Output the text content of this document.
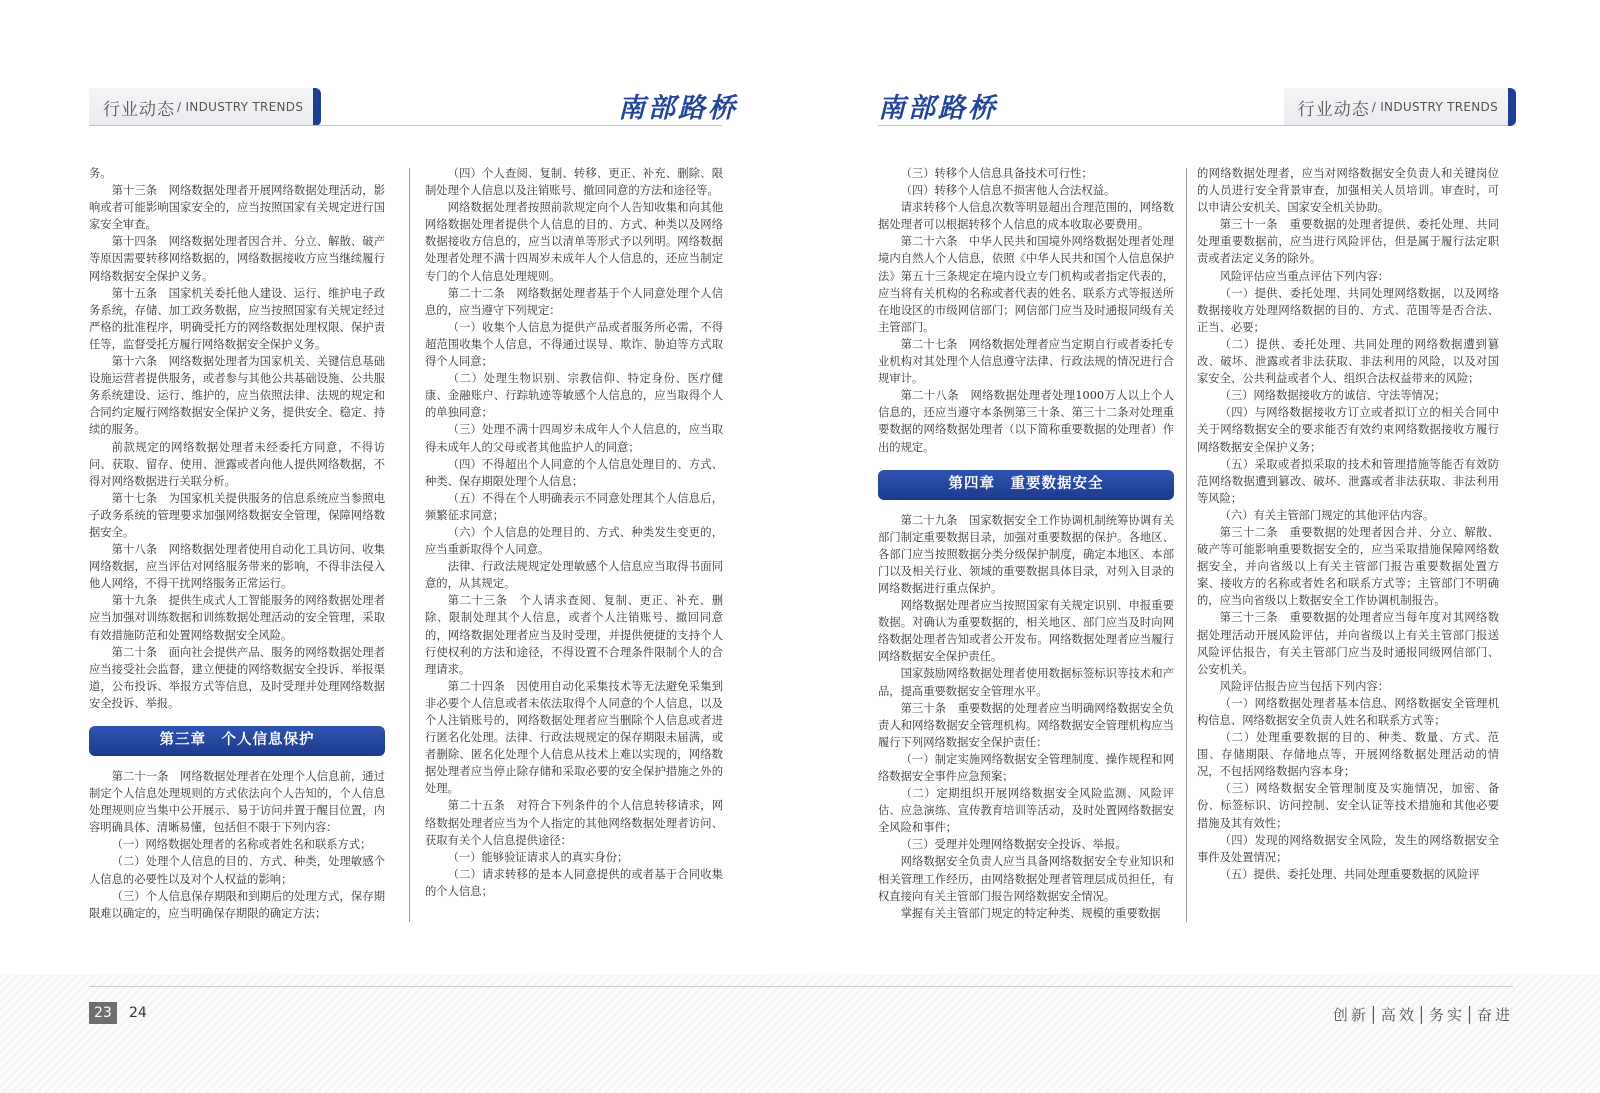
行业动态 / INDUSTRY TRENDS	南部路桥

务。

第十三条　网络数据处理者开展网络数据处理活动，影响或者可能影响国家安全的，应当按照国家有关规定进行国家安全审查。

第十四条　网络数据处理者因合并、分立、解散、破产等原因需要转移网络数据的，网络数据接收方应当继续履行网络数据安全保护义务。

第十五条　国家机关委托他人建设、运行、维护电子政务系统，存储、加工政务数据，应当按照国家有关规定经过严格的批准程序，明确受托方的网络数据处理权限、保护责任等，监督受托方履行网络数据安全保护义务。

第十六条　网络数据处理者为国家机关、关键信息基础设施运营者提供服务，或者参与其他公共基础设施、公共服务系统建设、运行、维护的，应当依照法律、法规的规定和合同约定履行网络数据安全保护义务，提供安全、稳定、持续的服务。

前款规定的网络数据处理者未经委托方同意，不得访问、获取、留存、使用、泄露或者向他人提供网络数据，不得对网络数据进行关联分析。

第十七条　为国家机关提供服务的信息系统应当参照电子政务系统的管理要求加强网络数据安全管理，保障网络数据安全。

第十八条　网络数据处理者使用自动化工具访问、收集网络数据，应当评估对网络服务带来的影响，不得非法侵入他人网络，不得干扰网络服务正常运行。

第十九条　提供生成式人工智能服务的网络数据处理者应当加强对训练数据和训练数据处理活动的安全管理，采取有效措施防范和处置网络数据安全风险。

第二十条　面向社会提供产品、服务的网络数据处理者应当接受社会监督，建立便捷的网络数据安全投诉、举报渠道，公布投诉、举报方式等信息，及时受理并处理网络数据安全投诉、举报。

第三章　个人信息保护

第二十一条　网络数据处理者在处理个人信息前，通过制定个人信息处理规则的方式依法向个人告知的，个人信息处理规则应当集中公开展示、易于访问并置于醒目位置，内容明确具体、清晰易懂，包括但不限于下列内容：

（一）网络数据处理者的名称或者姓名和联系方式；

（二）处理个人信息的目的、方式、种类，处理敏感个人信息的必要性以及对个人权益的影响；

（三）个人信息保存期限和到期后的处理方式，保存期限难以确定的，应当明确保存期限的确定方法；

（四）个人查阅、复制、转移、更正、补充、删除、限制处理个人信息以及注销账号、撤回同意的方法和途径等。

网络数据处理者按照前款规定向个人告知收集和向其他网络数据处理者提供个人信息的目的、方式、种类以及网络数据接收方信息的，应当以清单等形式予以列明。网络数据处理者处理不满十四周岁未成年人个人信息的，还应当制定专门的个人信息处理规则。

第二十二条　网络数据处理者基于个人同意处理个人信息的，应当遵守下列规定：

（一）收集个人信息为提供产品或者服务所必需，不得超范围收集个人信息，不得通过误导、欺诈、胁迫等方式取得个人同意；

（二）处理生物识别、宗教信仰、特定身份、医疗健康、金融账户、行踪轨迹等敏感个人信息的，应当取得个人的单独同意；

（三）处理不满十四周岁未成年人个人信息的，应当取得未成年人的父母或者其他监护人的同意；

（四）不得超出个人同意的个人信息处理目的、方式、种类、保存期限处理个人信息；

（五）不得在个人明确表示不同意处理其个人信息后，频繁征求同意；

（六）个人信息的处理目的、方式、种类发生变更的，应当重新取得个人同意。

法律、行政法规规定处理敏感个人信息应当取得书面同意的，从其规定。

第二十三条　个人请求查阅、复制、更正、补充、删除、限制处理其个人信息，或者个人注销账号、撤回同意的，网络数据处理者应当及时受理，并提供便捷的支持个人行使权利的方法和途径，不得设置不合理条件限制个人的合理请求。

第二十四条　因使用自动化采集技术等无法避免采集到非必要个人信息或者未依法取得个人同意的个人信息，以及个人注销账号的，网络数据处理者应当删除个人信息或者进行匿名化处理。法律、行政法规规定的保存期限未届满，或者删除、匿名化处理个人信息从技术上难以实现的，网络数据处理者应当停止除存储和采取必要的安全保护措施之外的处理。

第二十五条　对符合下列条件的个人信息转移请求，网络数据处理者应当为个人指定的其他网络数据处理者访问、获取有关个人信息提供途径：

（一）能够验证请求人的真实身份；

（二）请求转移的是本人同意提供的或者基于合同收集的个人信息；

南部路桥	行业动态 / INDUSTRY TRENDS

（三）转移个人信息具备技术可行性；

（四）转移个人信息不损害他人合法权益。

请求转移个人信息次数等明显超出合理范围的，网络数据处理者可以根据转移个人信息的成本收取必要费用。

第二十六条　中华人民共和国境外网络数据处理者处理境内自然人个人信息，依照《中华人民共和国个人信息保护法》第五十三条规定在境内设立专门机构或者指定代表的，应当将有关机构的名称或者代表的姓名、联系方式等报送所在地设区的市级网信部门；网信部门应当及时通报同级有关主管部门。

第二十七条　网络数据处理者应当定期自行或者委托专业机构对其处理个人信息遵守法律、行政法规的情况进行合规审计。

第二十八条　网络数据处理者处理1000万人以上个人信息的，还应当遵守本条例第三十条、第三十二条对处理重要数据的网络数据处理者（以下简称重要数据的处理者）作出的规定。

第四章　重要数据安全

第二十九条　国家数据安全工作协调机制统筹协调有关部门制定重要数据目录，加强对重要数据的保护。各地区、各部门应当按照数据分类分级保护制度，确定本地区、本部门以及相关行业、领域的重要数据具体目录，对列入目录的网络数据进行重点保护。

网络数据处理者应当按照国家有关规定识别、申报重要数据。对确认为重要数据的，相关地区、部门应当及时向网络数据处理者告知或者公开发布。网络数据处理者应当履行网络数据安全保护责任。

国家鼓励网络数据处理者使用数据标签标识等技术和产品，提高重要数据安全管理水平。

第三十条　重要数据的处理者应当明确网络数据安全负责人和网络数据安全管理机构。网络数据安全管理机构应当履行下列网络数据安全保护责任：

（一）制定实施网络数据安全管理制度、操作规程和网络数据安全事件应急预案；

（二）定期组织开展网络数据安全风险监测、风险评估、应急演练、宣传教育培训等活动，及时处置网络数据安全风险和事件；

（三）受理并处理网络数据安全投诉、举报。

网络数据安全负责人应当具备网络数据安全专业知识和相关管理工作经历，由网络数据处理者管理层成员担任，有权直接向有关主管部门报告网络数据安全情况。

掌握有关主管部门规定的特定种类、规模的重要数据

的网络数据处理者，应当对网络数据安全负责人和关键岗位的人员进行安全背景审查，加强相关人员培训。审查时，可以申请公安机关、国家安全机关协助。

第三十一条　重要数据的处理者提供、委托处理、共同处理重要数据前，应当进行风险评估，但是属于履行法定职责或者法定义务的除外。

风险评估应当重点评估下列内容：

（一）提供、委托处理、共同处理网络数据，以及网络数据接收方处理网络数据的目的、方式、范围等是否合法、正当、必要；

（二）提供、委托处理、共同处理的网络数据遭到篡改、破坏、泄露或者非法获取、非法利用的风险，以及对国家安全、公共利益或者个人、组织合法权益带来的风险；

（三）网络数据接收方的诚信、守法等情况；

（四）与网络数据接收方订立或者拟订立的相关合同中关于网络数据安全的要求能否有效约束网络数据接收方履行网络数据安全保护义务；

（五）采取或者拟采取的技术和管理措施等能否有效防范网络数据遭到篡改、破坏、泄露或者非法获取、非法利用等风险；

（六）有关主管部门规定的其他评估内容。

第三十二条　重要数据的处理者因合并、分立、解散、破产等可能影响重要数据安全的，应当采取措施保障网络数据安全，并向省级以上有关主管部门报告重要数据处置方案、接收方的名称或者姓名和联系方式等；主管部门不明确的，应当向省级以上数据安全工作协调机制报告。

第三十三条　重要数据的处理者应当每年度对其网络数据处理活动开展风险评估，并向省级以上有关主管部门报送风险评估报告，有关主管部门应当及时通报同级网信部门、公安机关。

风险评估报告应当包括下列内容：

（一）网络数据处理者基本信息、网络数据安全管理机构信息、网络数据安全负责人姓名和联系方式等；

（二）处理重要数据的目的、种类、数量、方式、范围、存储期限、存储地点等，开展网络数据处理活动的情况，不包括网络数据内容本身；

（三）网络数据安全管理制度及实施情况，加密、备份、标签标识、访问控制、安全认证等技术措施和其他必要措施及其有效性；

（四）发现的网络数据安全风险，发生的网络数据安全事件及处置情况；

（五）提供、委托处理、共同处理重要数据的风险评

23	24	创新│高效│务实│奋进
